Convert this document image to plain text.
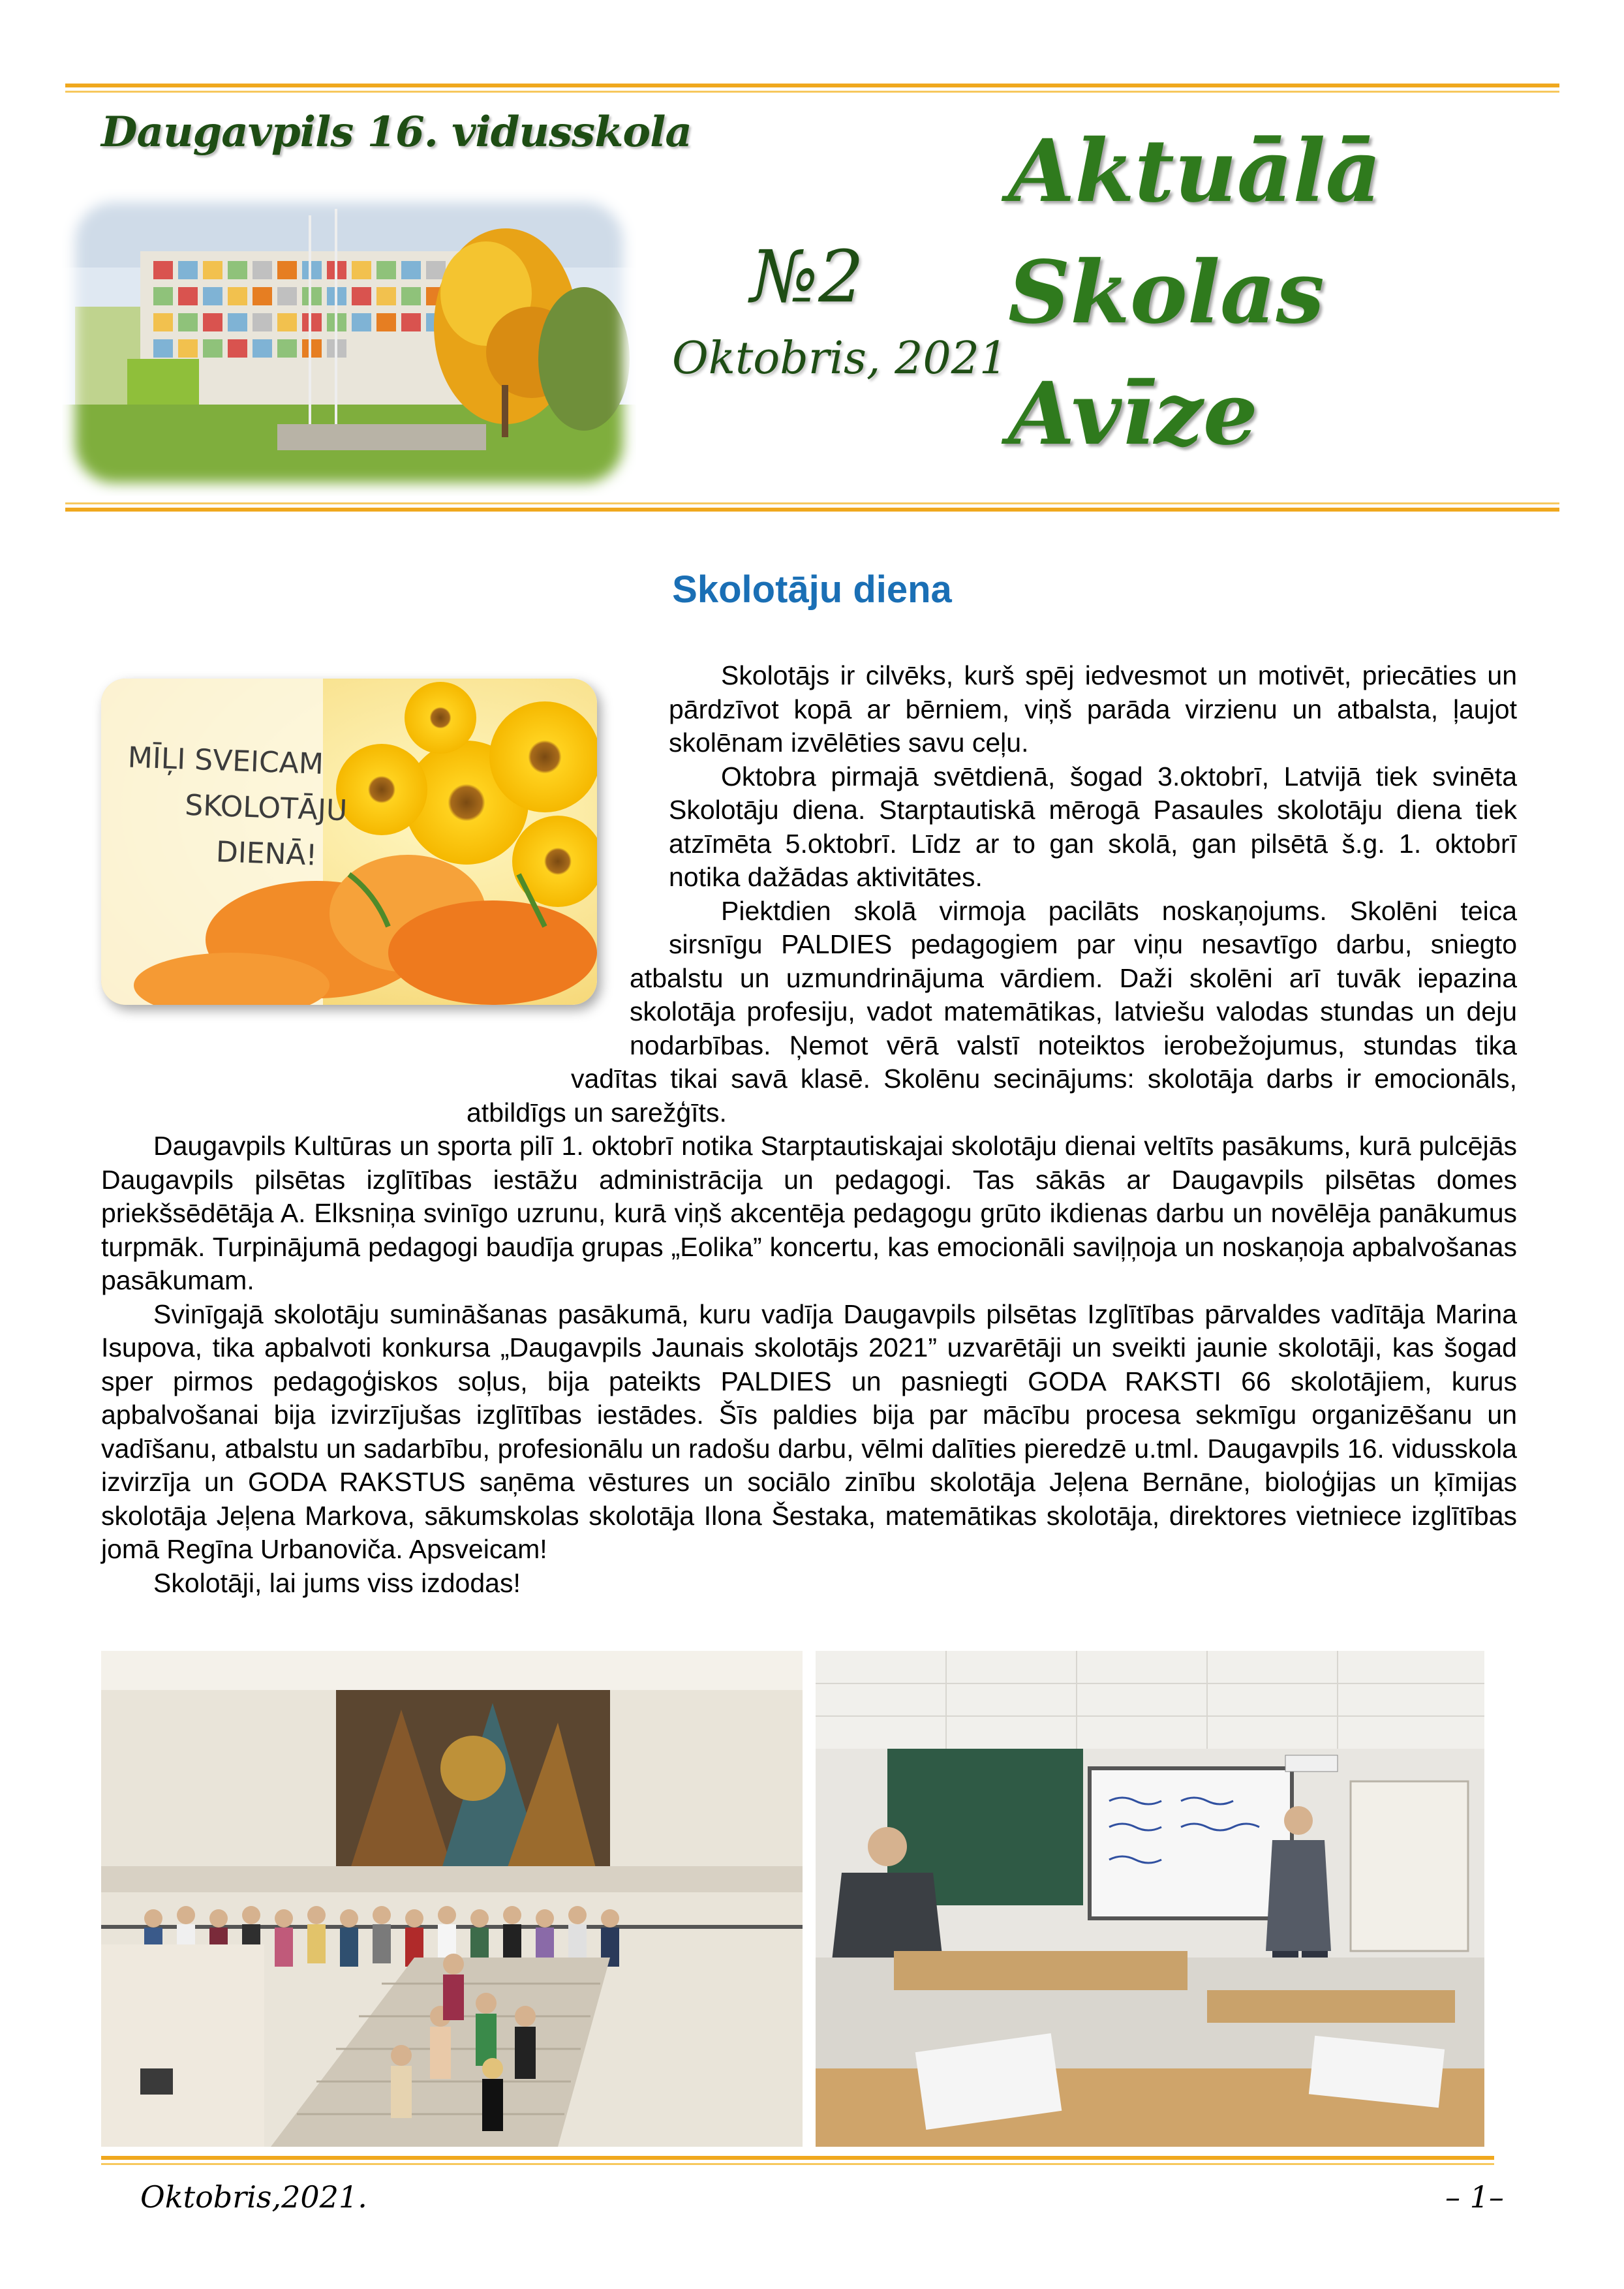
Daugavpils 16. vidusskola
№2
Oktobris, 2021
Aktuālā
Skolas
Avīze
Skolotāju diena
MĪĻI SVEICAM
SKOLOTĀJU
DIENĀ!

Skolotājs ir cilvēks, kurš spēj iedvesmot un motivēt, priecāties un pārdzīvot kopā ar bērniem, viņš parāda virzienu un atbalsta, ļaujot skolēnam izvēlēties savu ceļu.

Oktobra pirmajā svētdienā, šogad 3.oktobrī, Latvijā tiek svinēta Skolotāju diena. Starptautiskā mērogā Pasaules skolotāju diena tiek atzīmēta 5.oktobrī. Līdz ar to gan skolā, gan pilsētā š.g. 1. oktobrī notika dažādas aktivitātes.

Piektdien skolā virmoja pacilāts noskaņojums. Skolēni teica sirsnīgu PALDIES pedagogiem par viņu nesavtīgo darbu, sniegto atbalstu un uzmundrinājuma vārdiem. Daži skolēni arī tuvāk iepazina skolotāja profesiju, vadot matemātikas, latviešu valodas stundas un deju nodarbības. Ņemot vērā valstī noteiktos ierobežojumus, stundas tika vadītas tikai savā klasē. Skolēnu secinājums: skolotāja darbs ir emocionāls, atbildīgs un sarežģīts.

Daugavpils Kultūras un sporta pilī 1. oktobrī notika Starptautiskajai skolotāju dienai veltīts pasākums, kurā pulcējās Daugavpils pilsētas izglītības iestāžu administrācija un pedagogi. Tas sākās ar Daugavpils pilsētas domes priekšsēdētāja A. Elksniņa svinīgo uzrunu, kurā viņš akcentēja pedagogu grūto ikdienas darbu un novēlēja panākumus turpmāk. Turpinājumā pedagogi baudīja grupas „Eolika” koncertu, kas emocionāli saviļņoja un noskaņoja apbalvošanas pasākumam.

Svinīgajā skolotāju sumināšanas pasākumā, kuru vadīja Daugavpils pilsētas Izglītības pārvaldes vadītāja Marina Isupova, tika apbalvoti konkursa „Daugavpils Jaunais skolotājs 2021” uzvarētāji un sveikti jaunie skolotāji, kas šogad sper pirmos pedagoģiskos soļus, bija pateikts PALDIES un pasniegti GODA RAKSTI 66 skolotājiem, kurus apbalvošanai bija izvirzījušas izglītības iestādes. Šīs paldies bija par mācību procesa sekmīgu organizēšanu un vadīšanu, atbalstu un sadarbību, profesionālu un radošu darbu, vēlmi dalīties pieredzē u.tml. Daugavpils 16. vidusskola izvirzīja un GODA RAKSTUS saņēma vēstures un sociālo zinību skolotāja Jeļena Bernāne, bioloģijas un ķīmijas skolotāja Jeļena Markova, sākumskolas skolotāja Ilona Šestaka, matemātikas skolotāja, direktores vietniece izglītības jomā Regīna Urbanoviča. Apsveicam!

Skolotāji, lai jums viss izdodas!

Oktobris,2021.	– 1–
